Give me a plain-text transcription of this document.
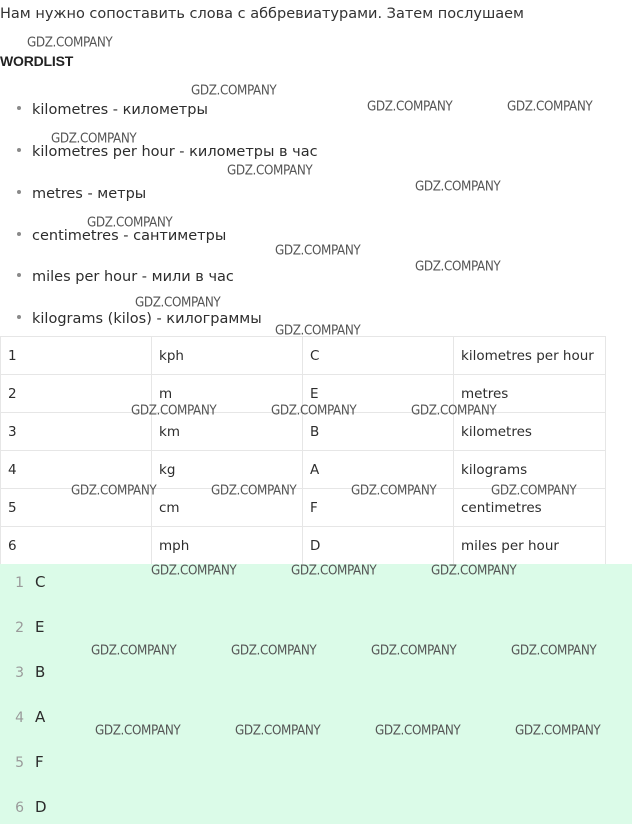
Нам нужно сопоставить слова с аббревиатурами. Затем послушаем
WORDLIST
kilometres - километры
kilometres per hour - километры в час
metres - метры
centimetres - сантиметры
miles per hour - мили в час
kilograms (kilos) - килограммы
1	kph	C	kilometres per hour
2	m	E	metres
3	km	B	kilometres
4	kg	A	kilograms
5	cm	F	centimetres
6	mph	D	miles per hour
1 C
2 E
3 B
4 A
5 F
6 D
GDZ.COMPANY
GDZ.COMPANY
GDZ.COMPANY	GDZ.COMPANY
GDZ.COMPANY
GDZ.COMPANY
GDZ.COMPANY
GDZ.COMPANY
GDZ.COMPANY
GDZ.COMPANY
GDZ.COMPANY
GDZ.COMPANY
GDZ.COMPANY	GDZ.COMPANY	GDZ.COMPANY
GDZ.COMPANY	GDZ.COMPANY	GDZ.COMPANY	GDZ.COMPANY
GDZ.COMPANY	GDZ.COMPANY	GDZ.COMPANY
GDZ.COMPANY	GDZ.COMPANY	GDZ.COMPANY	GDZ.COMPANY
GDZ.COMPANY	GDZ.COMPANY	GDZ.COMPANY	GDZ.COMPANY
